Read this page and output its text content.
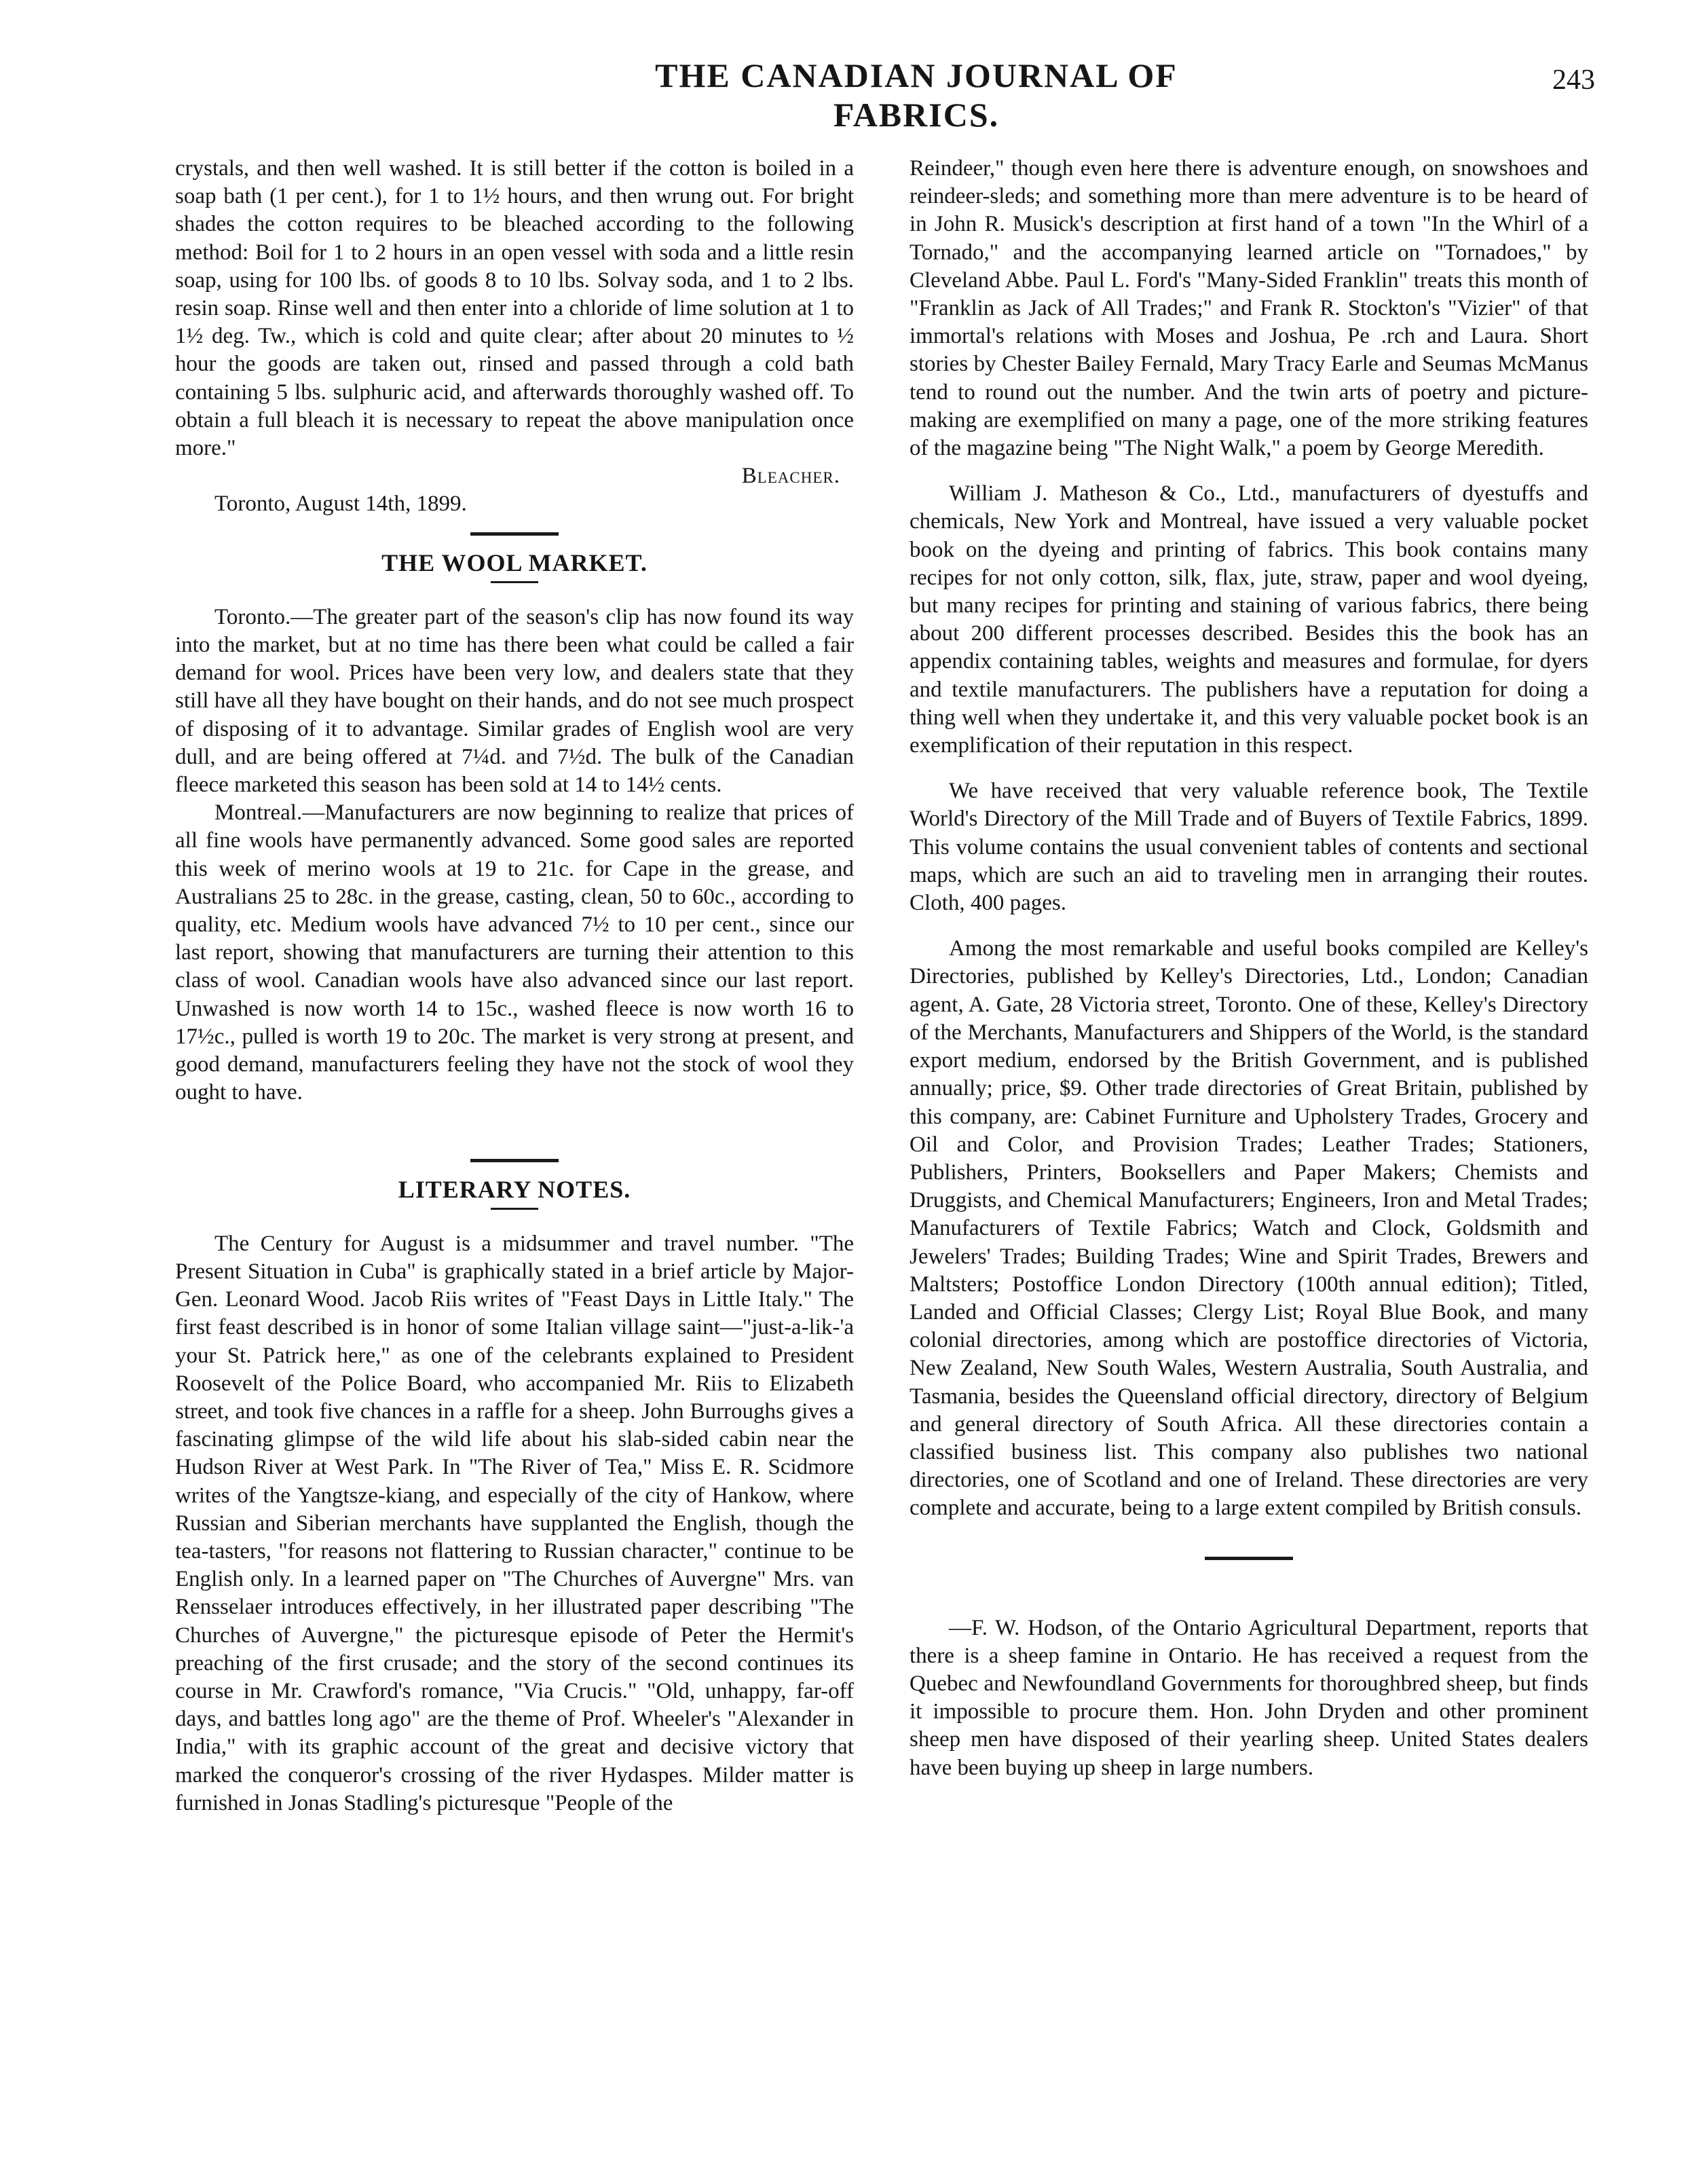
THE CANADIAN JOURNAL OF FABRICS.
243

crystals, and then well washed. It is still better if the cotton is boiled in a soap bath (1 per cent.), for 1 to 1½ hours, and then wrung out. For bright shades the cotton requires to be bleached according to the following method: Boil for 1 to 2 hours in an open vessel with soda and a little resin soap, using for 100 lbs. of goods 8 to 10 lbs. Solvay soda, and 1 to 2 lbs. resin soap. Rinse well and then enter into a chloride of lime solution at 1 to 1½ deg. Tw., which is cold and quite clear; after about 20 minutes to ½ hour the goods are taken out, rinsed and passed through a cold bath containing 5 lbs. sulphuric acid, and afterwards thoroughly washed off. To obtain a full bleach it is necessary to repeat the above manipulation once more."

Bleacher.

Toronto, August 14th, 1899.

THE WOOL MARKET.

Toronto.—The greater part of the season's clip has now found its way into the market, but at no time has there been what could be called a fair demand for wool. Prices have been very low, and dealers state that they still have all they have bought on their hands, and do not see much prospect of disposing of it to advantage. Similar grades of English wool are very dull, and are being offered at 7¼d. and 7½d. The bulk of the Canadian fleece marketed this season has been sold at 14 to 14½ cents.

Montreal.—Manufacturers are now beginning to realize that prices of all fine wools have permanently advanced. Some good sales are reported this week of merino wools at 19 to 21c. for Cape in the grease, and Australians 25 to 28c. in the grease, casting, clean, 50 to 60c., according to quality, etc. Medium wools have advanced 7½ to 10 per cent., since our last report, showing that manufacturers are turning their attention to this class of wool. Canadian wools have also advanced since our last report. Unwashed is now worth 14 to 15c., washed fleece is now worth 16 to 17½c., pulled is worth 19 to 20c. The market is very strong at present, and good demand, manufacturers feeling they have not the stock of wool they ought to have.

LITERARY NOTES.

The Century for August is a midsummer and travel number. "The Present Situation in Cuba" is graphically stated in a brief article by Major-Gen. Leonard Wood. Jacob Riis writes of "Feast Days in Little Italy." The first feast described is in honor of some Italian village saint—"just-a-lik-'a your St. Patrick here," as one of the celebrants explained to President Roosevelt of the Police Board, who accompanied Mr. Riis to Elizabeth street, and took five chances in a raffle for a sheep. John Burroughs gives a fascinating glimpse of the wild life about his slab-sided cabin near the Hudson River at West Park. In "The River of Tea," Miss E. R. Scidmore writes of the Yangtsze-kiang, and especially of the city of Hankow, where Russian and Siberian merchants have supplanted the English, though the tea-tasters, "for reasons not flattering to Russian character," continue to be English only. In a learned paper on "The Churches of Auvergne" Mrs. van Rensselaer introduces effectively, in her illustrated paper describing "The Churches of Auvergne," the picturesque episode of Peter the Hermit's preaching of the first crusade; and the story of the second continues its course in Mr. Crawford's romance, "Via Crucis." "Old, unhappy, far-off days, and battles long ago" are the theme of Prof. Wheeler's "Alexander in India," with its graphic account of the great and decisive victory that marked the conqueror's crossing of the river Hydaspes. Milder matter is furnished in Jonas Stadling's picturesque "People of the

Reindeer," though even here there is adventure enough, on snowshoes and reindeer-sleds; and something more than mere adventure is to be heard of in John R. Musick's description at first hand of a town "In the Whirl of a Tornado," and the accompanying learned article on "Tornadoes," by Cleveland Abbe. Paul L. Ford's "Many-Sided Franklin" treats this month of "Franklin as Jack of All Trades;" and Frank R. Stockton's "Vizier" of that immortal's relations with Moses and Joshua, Pe .rch and Laura. Short stories by Chester Bailey Fernald, Mary Tracy Earle and Seumas McManus tend to round out the number. And the twin arts of poetry and picture-making are exemplified on many a page, one of the more striking features of the magazine being "The Night Walk," a poem by George Meredith.

William J. Matheson & Co., Ltd., manufacturers of dyestuffs and chemicals, New York and Montreal, have issued a very valuable pocket book on the dyeing and printing of fabrics. This book contains many recipes for not only cotton, silk, flax, jute, straw, paper and wool dyeing, but many recipes for printing and staining of various fabrics, there being about 200 different processes described. Besides this the book has an appendix containing tables, weights and measures and formulae, for dyers and textile manufacturers. The publishers have a reputation for doing a thing well when they undertake it, and this very valuable pocket book is an exemplification of their reputation in this respect.

We have received that very valuable reference book, The Textile World's Directory of the Mill Trade and of Buyers of Textile Fabrics, 1899. This volume contains the usual convenient tables of contents and sectional maps, which are such an aid to traveling men in arranging their routes. Cloth, 400 pages.

Among the most remarkable and useful books compiled are Kelley's Directories, published by Kelley's Directories, Ltd., London; Canadian agent, A. Gate, 28 Victoria street, Toronto. One of these, Kelley's Directory of the Merchants, Manufacturers and Shippers of the World, is the standard export medium, endorsed by the British Government, and is published annually; price, $9. Other trade directories of Great Britain, published by this company, are: Cabinet Furniture and Upholstery Trades, Grocery and Oil and Color, and Provision Trades; Leather Trades; Stationers, Publishers, Printers, Booksellers and Paper Makers; Chemists and Druggists, and Chemical Manufacturers; Engineers, Iron and Metal Trades; Manufacturers of Textile Fabrics; Watch and Clock, Goldsmith and Jewelers' Trades; Building Trades; Wine and Spirit Trades, Brewers and Maltsters; Postoffice London Directory (100th annual edition); Titled, Landed and Official Classes; Clergy List; Royal Blue Book, and many colonial directories, among which are postoffice directories of Victoria, New Zealand, New South Wales, Western Australia, South Australia, and Tasmania, besides the Queensland official directory, directory of Belgium and general directory of South Africa. All these directories contain a classified business list. This company also publishes two national directories, one of Scotland and one of Ireland. These directories are very complete and accurate, being to a large extent compiled by British consuls.

—F. W. Hodson, of the Ontario Agricultural Department, reports that there is a sheep famine in Ontario. He has received a request from the Quebec and Newfoundland Governments for thoroughbred sheep, but finds it impossible to procure them. Hon. John Dryden and other prominent sheep men have disposed of their yearling sheep. United States dealers have been buying up sheep in large numbers.
